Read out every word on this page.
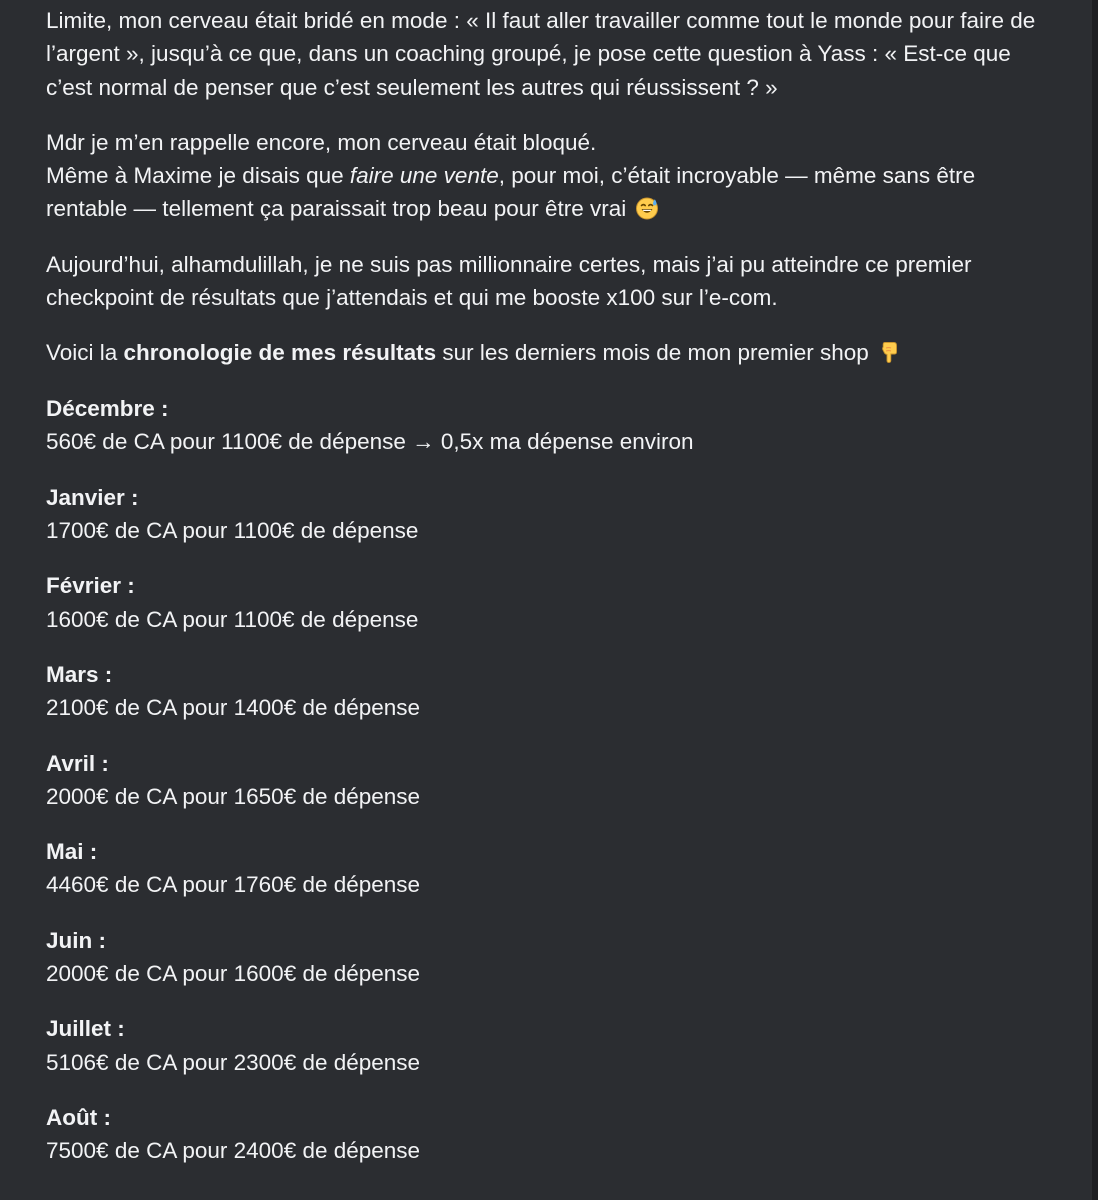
Limite, mon cerveau était bridé en mode : « Il faut aller travailler comme tout le monde pour faire de l’argent », jusqu’à ce que, dans un coaching groupé, je pose cette question à Yass : « Est-ce que c’est normal de penser que c’est seulement les autres qui réussissent ? »

Mdr je m’en rappelle encore, mon cerveau était bloqué.
Même à Maxime je disais que faire une vente, pour moi, c’était incroyable — même sans être rentable — tellement ça paraissait trop beau pour être vrai

Aujourd’hui, alhamdulillah, je ne suis pas millionnaire certes, mais j’ai pu atteindre ce premier checkpoint de résultats que j’attendais et qui me booste x100 sur l’e-com.

Voici la chronologie de mes résultats sur les derniers mois de mon premier shop

Décembre :

560€ de CA pour 1100€ de dépense → 0,5x ma dépense environ

Janvier :

1700€ de CA pour 1100€ de dépense

Février :

1600€ de CA pour 1100€ de dépense

Mars :

2100€ de CA pour 1400€ de dépense

Avril :

2000€ de CA pour 1650€ de dépense

Mai :

4460€ de CA pour 1760€ de dépense

Juin :

2000€ de CA pour 1600€ de dépense

Juillet :

5106€ de CA pour 2300€ de dépense

Août :

7500€ de CA pour 2400€ de dépense
